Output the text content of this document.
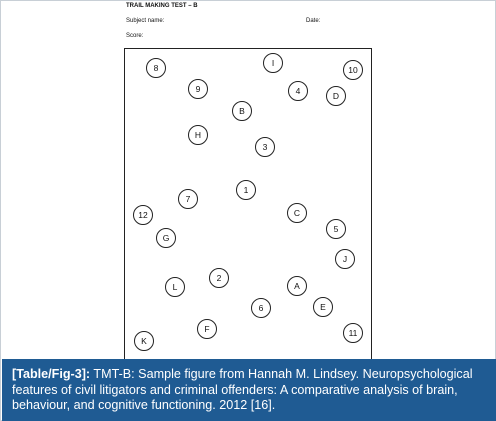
TRAIL MAKING TEST – B
Subject name:	Date:
Score:
8	I
10
9	4	D
B
H
3
1
7
12	C
5
G
J
2
L	A
6	E
F	11
K
[Table/Fig-3]: TMT-B: Sample figure from Hannah M. Lindsey. Neuropsychological features of civil litigators and criminal offenders: A comparative analysis of brain, behaviour, and cognitive functioning. 2012 [16].
